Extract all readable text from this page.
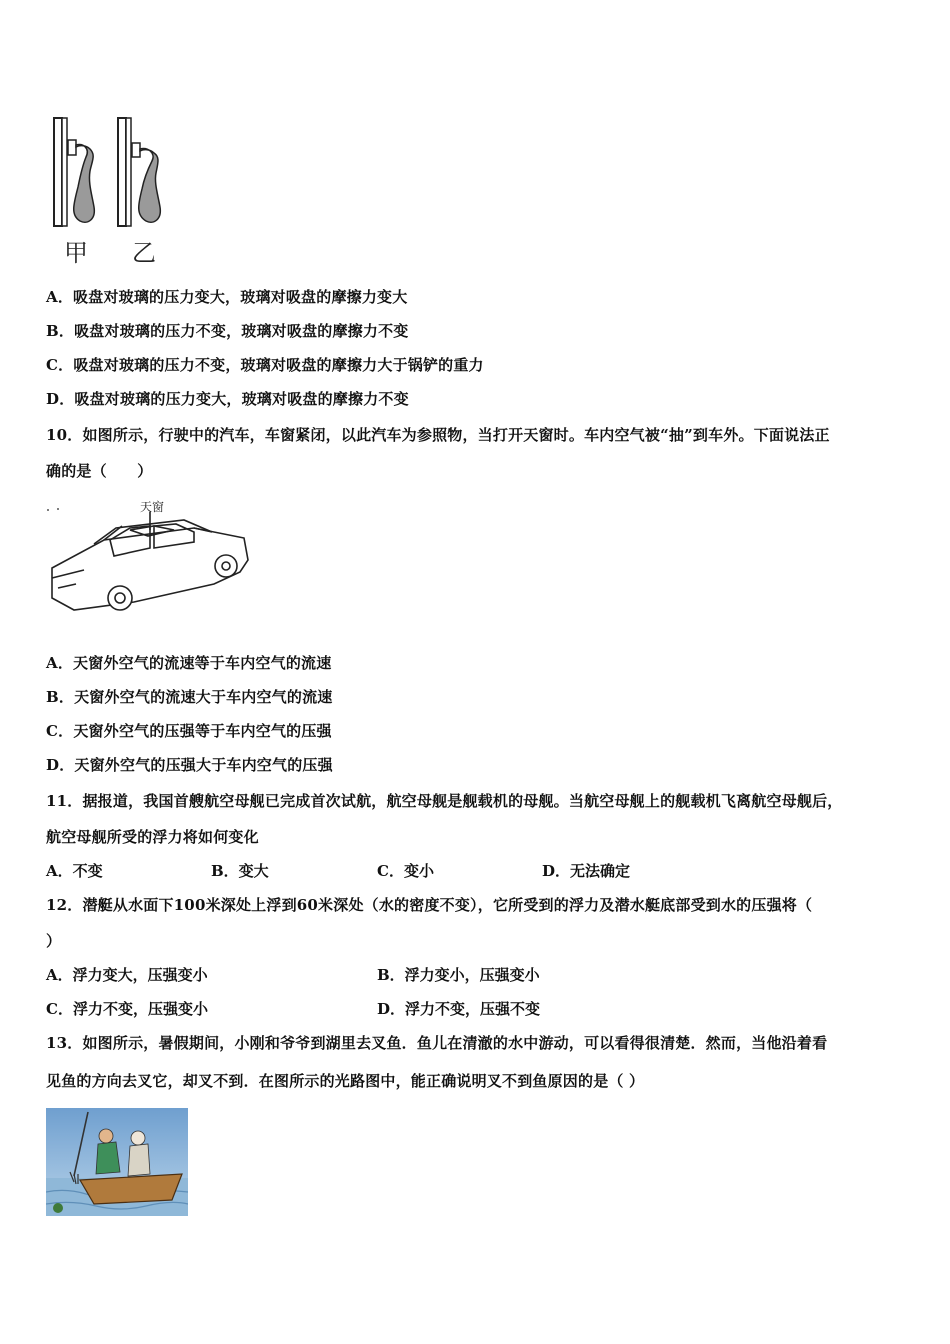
甲 乙
A．吸盘对玻璃的压力变大，玻璃对吸盘的摩擦力变大
B．吸盘对玻璃的压力不变，玻璃对吸盘的摩擦力不变
C．吸盘对玻璃的压力不变，玻璃对吸盘的摩擦力大于锅铲的重力
D．吸盘对玻璃的压力变大，玻璃对吸盘的摩擦力不变
10．如图所示，行驶中的汽车，车窗紧闭，以此汽车为参照物，当打开天窗时。车内空气被“抽”到车外。下面说法正
确的是（　　）
天窗
A．天窗外空气的流速等于车内空气的流速
B．天窗外空气的流速大于车内空气的流速
C．天窗外空气的压强等于车内空气的压强
D．天窗外空气的压强大于车内空气的压强
11．据报道，我国首艘航空母舰已完成首次试航，航空母舰是舰载机的母舰。当航空母舰上的舰载机飞离航空母舰后，
航空母舰所受的浮力将如何变化
A．不变	B．变大	C．变小	D．无法确定
12．潜艇从水面下100米深处上浮到60米深处（水的密度不变），它所受到的浮力及潜水艇底部受到水的压强将（
）
A．浮力变大，压强变小	B．浮力变小，压强变小
C．浮力不变，压强变小	D．浮力不变，压强不变
13．如图所示，暑假期间，小刚和爷爷到湖里去叉鱼．鱼儿在清澈的水中游动，可以看得很清楚．然而，当他沿着看
见鱼的方向去叉它，却叉不到．在图所示的光路图中，能正确说明叉不到鱼原因的是（ ）
